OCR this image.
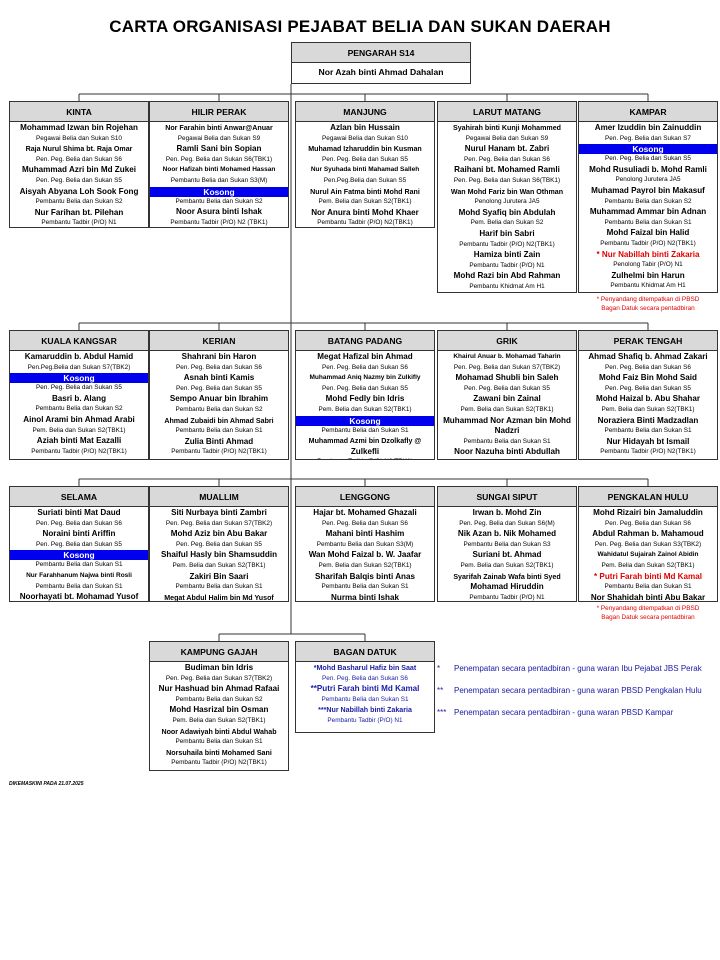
CARTA ORGANISASI PEJABAT BELIA DAN SUKAN DAERAH
PENGARAH S14
Nor Azah binti Ahmad Dahalan
KINTA
Mohammad Izwan bin Rojehan
Pegawai Belia dan Sukan S10
Raja Nurul Shima bt. Raja Omar
Pen. Peg. Belia dan Sukan S6
Muhammad Azri bin Md Zukei
Pen. Peg. Belia dan Sukan S5
Aisyah Abyana Loh Sook Fong
Pembantu Belia dan Sukan S2
Nur Farihan bt. Pilehan
Pembantu Tadbir (P/O) N1
HILIR PERAK
Nor Farahin binti Anwar@Anuar
Pegawai Belia dan Sukan S9
Ramli Sani bin Sopian
Pen. Peg. Belia dan Sukan S6(TBK1)
Noor Hafizah binti Mohamed Hassan
Pembantu Belia dan Sukan S3(M)
Kosong
Pembantu Belia dan Sukan S2
Noor Asura binti Ishak
Pembantu Tadbir (P/O) N2 (TBK1)
MANJUNG
Azlan bin Hussain
Pegawai Belia dan Sukan S10
Muhamad Izharuddin bin Kusman
Pen. Peg. Belia dan Sukan S5
Nur Syuhada binti Mahamad Salleh
Pen.Peg.Belia dan Sukan S5
Nurul Ain Fatma binti Mohd Rani
Pem. Belia dan Sukan S2(TBK1)
Nor Anura binti Mohd Khaer
Pembantu Tadbir (P/O) N2(TBK1)
LARUT MATANG
Syahirah binti Kunji Mohammed
Pegawai Belia dan Sukan S9
Nurul Hanam bt. Zabri
Pen. Peg. Belia dan Sukan S6
Raihani bt. Mohamed Ramli
Pen. Peg. Belia dan Sukan S6(TBK1)
Wan Mohd Fariz bin Wan Othman
Penolong Jurutera JA5
Mohd Syafiq bin Abdulah
Pem. Belia dan Sukan S2
Harif bin Sabri
Pembantu Tadbir (P/O) N2(TBK1)
Hamiza binti Zain
Pembantu Tadbir (P/O) N1
Mohd Razi bin Abd Rahman
Pembantu Khidmat Am H1
KAMPAR
Amer Izuddin bin Zainuddin
Pen. Peg. Belia dan Sukan S7
Kosong
Pen. Peg. Belia dan Sukan S5
Mohd Rusuliadi b. Mohd Ramli
Penolong Jurutera JA5
Muhamad Payrol bin Makasuf
Pembantu Belia dan Sukan S2
Muhammad Ammar bin Adnan
Pembantu Belia dan Sukan S1
Mohd Faizal bin Halid
Pembantu Tadbir (P/O) N2(TBK1)
* Nur Nabillah binti Zakaria
Penolong Tabir (P/O) N1
Zulhelmi bin Harun
Pembantu Khidmat Am H1
KUALA KANGSAR
Kamaruddin b. Abdul Hamid
Pen.Peg.Belia dan Sukan S7(TBK2)
Kosong
Pen. Peg. Belia dan Sukan S5
Basri b. Alang
Pembantu Belia dan Sukan S2
Ainol Arami bin Ahmad Arabi
Pem. Belia dan Sukan S2(TBK1)
Aziah binti Mat Eazalli
Pembantu Tadbir (P/O) N2(TBK1)
KERIAN
Shahrani bin Haron
Pen. Peg. Belia dan Sukan S6
Asnah binti Kamis
Pen. Peg. Belia dan Sukan S5
Sempo Anuar bin Ibrahim
Pembantu Belia dan Sukan S2
Ahmad Zubaidi bin Ahmad Sabri
Pembantu Belia dan Sukan S1
Zulia Binti Ahmad
Pembantu Tadbir (P/O) N2(TBK1)
BATANG PADANG
Megat Hafizal bin Ahmad
Pen. Peg. Belia dan Sukan S6
Muhammad Aniq Nazmy bin Zulkifly
Pen. Peg. Belia dan Sukan S5
Mohd Fedly bin Idris
Pem. Belia dan Sukan S2(TBK1)
Kosong
Pembantu Belia dan Sukan S1
Muhammad Azmi bin Dzolkafly @
Zulkefli
GRIK
Khairul Anuar b. Mohamad Taharin
Pen. Peg. Belia dan Sukan S7(TBK2)
Mohamad Shubli bin Saleh
Pen. Peg. Belia dan Sukan S5
Zawani bin Zainal
Pem. Belia dan Sukan S2(TBK1)
Muhammad Nor Azman bin Mohd
Nadzri
Pembantu Belia dan Sukan S1
Noor Nazuha binti Abdullah
PERAK TENGAH
Ahmad Shafiq b. Ahmad Zakari
Pen. Peg. Belia dan Sukan S6
Mohd Faiz Bin Mohd Said
Pen. Peg. Belia dan Sukan S5
Mohd Haizal b. Abu Shahar
Pem. Belia dan Sukan S2(TBK1)
Noraziera Binti Madzadlan
Pembantu Belia dan Sukan S1
Nur Hidayah bt Ismail
Pembantu Tadbir (P/O) N2(TBK1)
SELAMA
Suriati binti Mat Daud
Pen. Peg. Belia dan Sukan S6
Noraini binti Ariffin
Pen. Peg. Belia dan Sukan S5
Kosong
Pembantu Belia dan Sukan S1
Nur Farahhanum Najwa binti Rosli
Pembantu Belia dan Sukan S1
Noorhayati bt. Mohamad Yusof
MUALLIM
Siti Nurbaya binti Zambri
Pen. Peg. Belia dan Sukan S7(TBK2)
Mohd Aziz bin Abu Bakar
Pen. Peg. Belia dan Sukan S5
Shaiful Hasly bin Shamsuddin
Pem. Belia dan Sukan S2(TBK1)
Zakiri Bin Saari
Pembantu Belia dan Sukan S1
Megat Abdul Halim bin Md Yusof
LENGGONG
Hajar bt. Mohamed Ghazali
Pen. Peg. Belia dan Sukan S6
Mahani binti Hashim
Pembantu Belia dan Sukan S3(M)
Wan Mohd Faizal b. W. Jaafar
Pem. Belia dan Sukan S2(TBK1)
Sharifah Balqis binti Anas
Pembantu Belia dan Sukan S1
Nurma binti Ishak
SUNGAI SIPUT
Irwan b. Mohd Zin
Pen. Peg. Belia dan Sukan S6(M)
Nik Azan b. Nik Mohamed
Pembantu Belia dan Sukan S3
Suriani bt. Ahmad
Pem. Belia dan Sukan S2(TBK1)
Syarifah Zainab Wafa binti Syed
Mohamad Hiruddin
Pembantu Tadbir (P/O) N1
PENGKALAN HULU
Mohd Rizairi bin Jamaluddin
Pen. Peg. Belia dan Sukan S6
Abdul Rahman b. Mahamoud
Pen. Peg. Belia dan Sukan S3(TBK2)
Wahidatul Sujairah Zainol Abidin
Pem. Belia dan Sukan S2(TBK1)
* Putri Farah binti Md Kamal
Pembantu Belia dan Sukan S1
Nor Shahidah binti Abu Bakar
KAMPUNG GAJAH
Budiman bin Idris
Pen. Peg. Belia dan Sukan S7(TBK2)
Nur Hashuad bin Ahmad Rafaai
Pembantu Belia dan Sukan S2
Mohd Hasrizal bin Osman
Pem. Belia dan Sukan S2(TBK1)
Noor Adawiyah binti Abdul Wahab
Pembantu Belia dan Sukan S1
Norsuhaila binti Mohamed Sani
Pembantu Tadbir (P/O) N2(TBK1)
BAGAN DATUK
*Mohd Basharul Hafiz bin Saat
Pen. Peg. Belia dan Sukan S6
**Putri Farah binti Md Kamal
Pembantu Belia dan Sukan S1
***Nur Nabillah binti Zakaria
Pembantu Tadbir (P/O) N1
* Penyandang ditempatkan di PBSD
Bagan Datuk secara pentadbiran
* Penyandang ditempatkan di PBSD
Bagan Datuk secara pentadbiran
* Penempatan secara pentadbiran - guna waran Ibu Pejabat JBS Perak
** Penempatan secara pentadbiran - guna waran PBSD Pengkalan Hulu
*** Penempatan secara pentadbiran - guna waran PBSD Kampar
DIKEMASKINI PADA 21.07.2025
